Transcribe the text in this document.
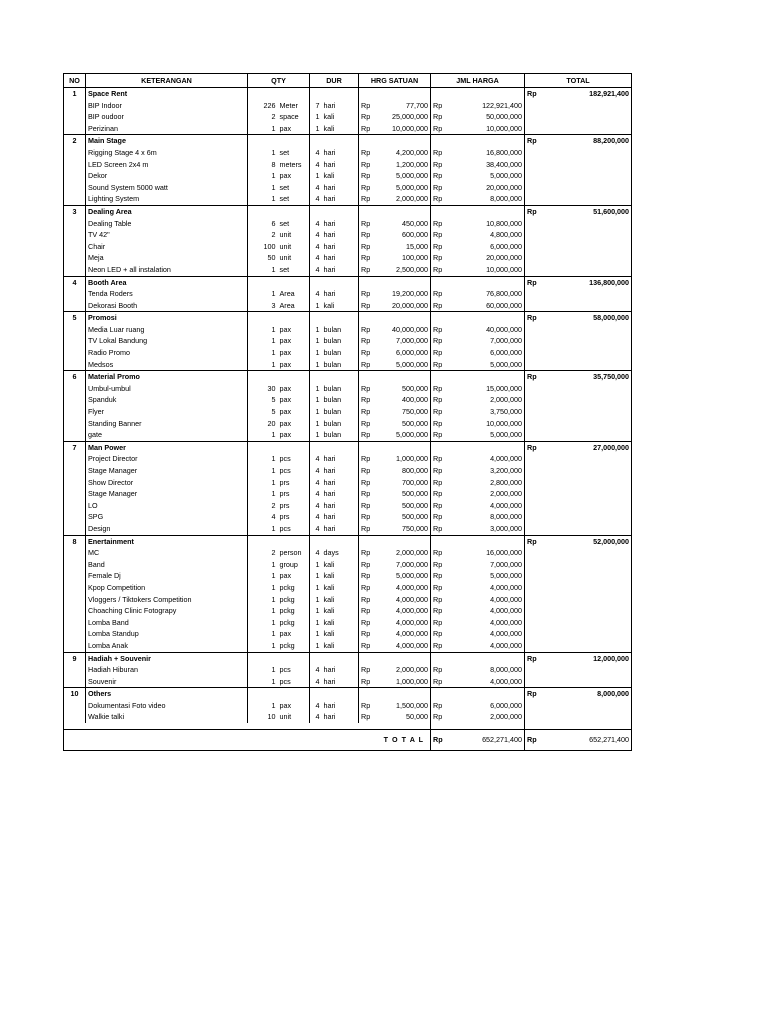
NO	KETERANGAN	QTY		DUR		HRG SATUAN		JML HARGA		TOTAL	
1	Space Rent									Rp	182,921,400
	BIP Indoor	226	Meter	7	hari	Rp	77,700	Rp	122,921,400		
	BIP oudoor	2	space	1	kali	Rp	25,000,000	Rp	50,000,000		
	Perizinan	1	pax	1	kali	Rp	10,000,000	Rp	10,000,000		
2	Main Stage									Rp	88,200,000
	Rigging Stage 4 x 6m	1	set	4	hari	Rp	4,200,000	Rp	16,800,000		
	LED Screen 2x4 m	8	meters	4	hari	Rp	1,200,000	Rp	38,400,000		
	Dekor	1	pax	1	kali	Rp	5,000,000	Rp	5,000,000		
	Sound System 5000 watt	1	set	4	hari	Rp	5,000,000	Rp	20,000,000		
	Lighting System	1	set	4	hari	Rp	2,000,000	Rp	8,000,000		
3	Dealing Area									Rp	51,600,000
	Dealing Table	6	set	4	hari	Rp	450,000	Rp	10,800,000		
	TV 42"	2	unit	4	hari	Rp	600,000	Rp	4,800,000		
	Chair	100	unit	4	hari	Rp	15,000	Rp	6,000,000		
	Meja	50	unit	4	hari	Rp	100,000	Rp	20,000,000		
	Neon LED + all instalation	1	set	4	hari	Rp	2,500,000	Rp	10,000,000		
4	Booth Area									Rp	136,800,000
	Tenda Roders	1	Area	4	hari	Rp	19,200,000	Rp	76,800,000		
	Dekorasi Booth	3	Area	1	kali	Rp	20,000,000	Rp	60,000,000		
5	Promosi									Rp	58,000,000
	Media Luar ruang	1	pax	1	bulan	Rp	40,000,000	Rp	40,000,000		
	TV Lokal Bandung	1	pax	1	bulan	Rp	7,000,000	Rp	7,000,000		
	Radio Promo	1	pax	1	bulan	Rp	6,000,000	Rp	6,000,000		
	Medsos	1	pax	1	bulan	Rp	5,000,000	Rp	5,000,000		
6	Material Promo									Rp	35,750,000
	Umbul-umbul	30	pax	1	bulan	Rp	500,000	Rp	15,000,000		
	Spanduk	5	pax	1	bulan	Rp	400,000	Rp	2,000,000		
	Flyer	5	pax	1	bulan	Rp	750,000	Rp	3,750,000		
	Standing Banner	20	pax	1	bulan	Rp	500,000	Rp	10,000,000		
	gate	1	pax	1	bulan	Rp	5,000,000	Rp	5,000,000		
7	Man Power									Rp	27,000,000
	Project Director	1	pcs	4	hari	Rp	1,000,000	Rp	4,000,000		
	Stage Manager	1	pcs	4	hari	Rp	800,000	Rp	3,200,000		
	Show Director	1	prs	4	hari	Rp	700,000	Rp	2,800,000		
	Stage Manager	1	prs	4	hari	Rp	500,000	Rp	2,000,000		
	LO	2	prs	4	hari	Rp	500,000	Rp	4,000,000		
	SPG	4	prs	4	hari	Rp	500,000	Rp	8,000,000		
	Design	1	pcs	4	hari	Rp	750,000	Rp	3,000,000		
8	Enertainment									Rp	52,000,000
	MC	2	person	4	days	Rp	2,000,000	Rp	16,000,000		
	Band	1	group	1	kali	Rp	7,000,000	Rp	7,000,000		
	Female Dj	1	pax	1	kali	Rp	5,000,000	Rp	5,000,000		
	Kpop Competition	1	pckg	1	kali	Rp	4,000,000	Rp	4,000,000		
	Vloggers / Tiktokers Competition	1	pckg	1	kali	Rp	4,000,000	Rp	4,000,000		
	Choaching Clinic Fotograpy	1	pckg	1	kali	Rp	4,000,000	Rp	4,000,000		
	Lomba Band	1	pckg	1	kali	Rp	4,000,000	Rp	4,000,000		
	Lomba Standup	1	pax	1	kali	Rp	4,000,000	Rp	4,000,000		
	Lomba Anak	1	pckg	1	kali	Rp	4,000,000	Rp	4,000,000		
9	Hadiah + Souvenir									Rp	12,000,000
	Hadiah Hiburan	1	pcs	4	hari	Rp	2,000,000	Rp	8,000,000		
	Souvenir	1	pcs	4	hari	Rp	1,000,000	Rp	4,000,000		
10	Others									Rp	8,000,000
	Dokumentasi Foto video	1	pax	4	hari	Rp	1,500,000	Rp	6,000,000		
	Walkie talki	10	unit	4	hari	Rp	50,000	Rp	2,000,000		

T O T A L								Rp	652,271,400	Rp	652,271,400
